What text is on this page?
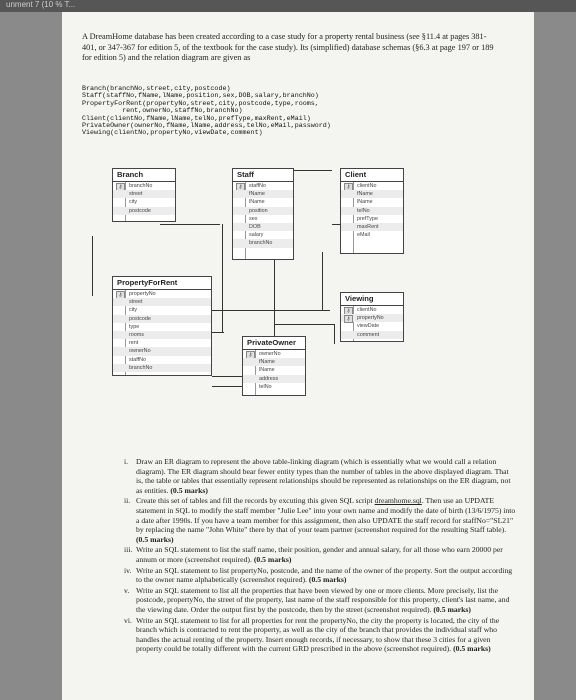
unment 7 (10 % T...
A DreamHome database has been created according to a case study for a property rental business (see §11.4 at pages 381-401, or 347-367 for edition 5, of the textbook for the case study). Its (simplified) database schemas (§6.3 at page 197 or 189 for edition 5) and the relation diagram are given as
Branch(branchNo,street,city,postcode)
Staff(staffNo,fName,lName,position,sex,DOB,salary,branchNo)
PropertyForRent(propertyNo,street,city,postcode,type,rooms,
rent,ownerNo,staffNo,branchNo)
Client(clientNo,fName,lName,telNo,prefType,maxRent,eMail)
PrivateOwner(ownerNo,fName,lName,address,telNo,eMail,password)
Viewing(clientNo,propertyNo,viewDate,comment)
Branch
⚷	branchNo
street
city
postcode
Staff
⚷	staffNo
fName
lName
position
sex
DOB
salary
branchNo
Client
⚷	clientNo
fName
lName
telNo
prefType
maxRent
eMail
PropertyForRent
⚷	propertyNo
street
city
postcode
type
rooms
rent
ownerNo
staffNo
branchNo
Viewing
⚷	clientNo
⚷	propertyNo
viewDate
comment
PrivateOwner
⚷	ownerNo
fName
lName
address
telNo
i. Draw an ER diagram to represent the above table-linking diagram (which is essentially what we would call a relation diagram). The ER diagram should bear fewer entity types than the number of tables in the above displayed diagram. That is, the table or tables that essentially represent relationships should be represented as relationships on the ER diagram, not as entities. (0.5 marks)
ii. Create this set of tables and fill the records by excuting this given SQL script dreamhome.sql. Then use an UPDATE statement in SQL to modify the staff member "Julie Lee" into your own name and modify the date of birth (13/6/1975) into a date after 1990s. If you have a team member for this assignment, then also UPDATE the staff record for staffNo="SL21" by replacing the name "John White" there by that of your team partner (screenshot required for the resulting Staff table). (0.5 marks)
iii. Write an SQL statement to list the staff name, their position, gender and annual salary, for all those who earn 20000 per annum or more (screenshot required). (0.5 marks)
iv. Write an SQL statement to list propertyNo, postcode, and the name of the owner of the property. Sort the output according to the owner name alphabetically (screenshot required). (0.5 marks)
v. Write an SQL statement to list all the properties that have been viewed by one or more clients. More precisely, list the postcode, propertyNo, the street of the property, last name of the staff responsible for this property, client's last name, and the viewing date. Order the output first by the postcode, then by the street (screenshot required). (0.5 marks)
vi. Write an SQL statement to list for all properties for rent the propertyNo, the city the property is located, the city of the branch which is contracted to rent the property, as well as the city of the branch that provides the individual staff who handles the actual renting of the property. Insert enough records, if necessary, to show that these 3 cities for a given property could be totally different with the current GRD prescribed in the above (screenshot required). (0.5 marks)
